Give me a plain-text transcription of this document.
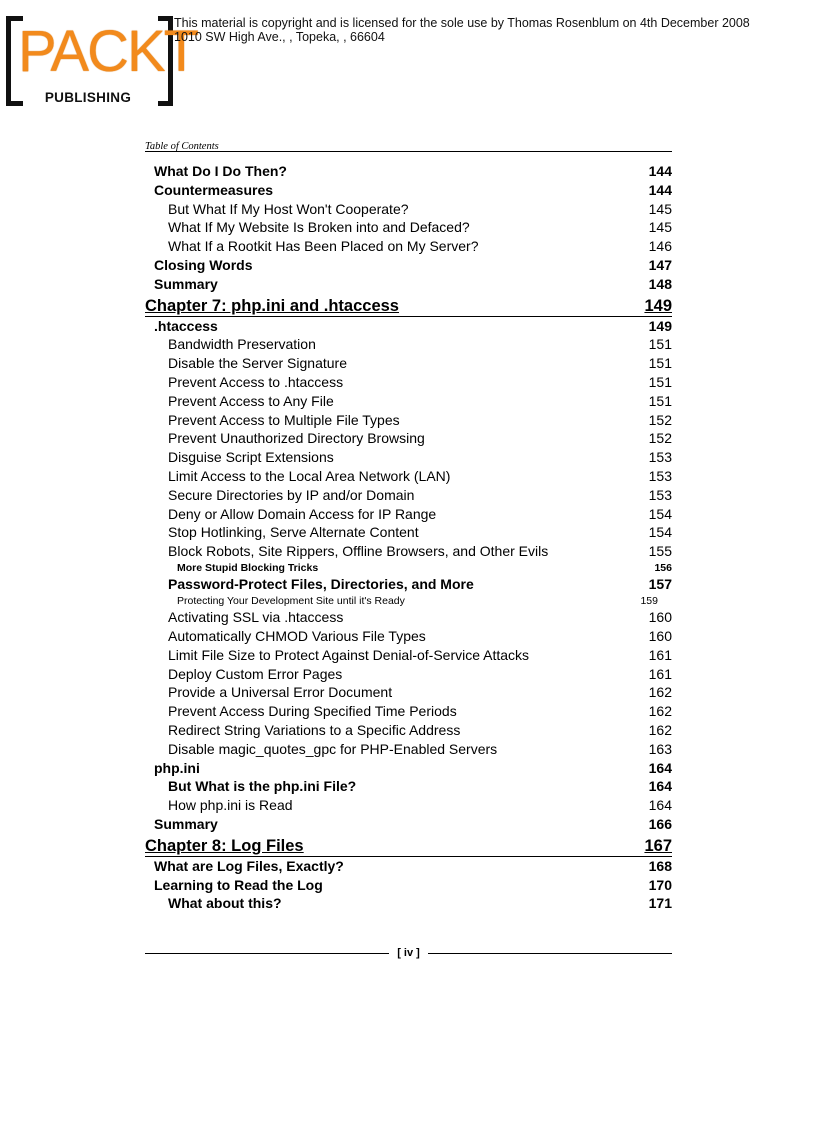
PACKT
PUBLISHING
This material is copyright and is licensed for the sole use by Thomas Rosenblum on 4th December 2008
1010 SW High Ave., , Topeka, , 66604
Table of Contents
What Do I Do Then?	144
Countermeasures	144
But What If My Host Won't Cooperate?	145
What If My Website Is Broken into and Defaced?	145
What If a Rootkit Has Been Placed on My Server?	146
Closing Words	147
Summary	148
Chapter 7: php.ini and .htaccess	149
.htaccess	149
Bandwidth Preservation	151
Disable the Server Signature	151
Prevent Access to .htaccess	151
Prevent Access to Any File	151
Prevent Access to Multiple File Types	152
Prevent Unauthorized Directory Browsing	152
Disguise Script Extensions	153
Limit Access to the Local Area Network (LAN)	153
Secure Directories by IP and/or Domain	153
Deny or Allow Domain Access for IP Range	154
Stop Hotlinking, Serve Alternate Content	154
Block Robots, Site Rippers, Offline Browsers, and Other Evils	155
More Stupid Blocking Tricks	156
Password-Protect Files, Directories, and More	157
Protecting Your Development Site until it's Ready	159
Activating SSL via .htaccess	160
Automatically CHMOD Various File Types	160
Limit File Size to Protect Against Denial-of-Service Attacks	161
Deploy Custom Error Pages	161
Provide a Universal Error Document	162
Prevent Access During Specified Time Periods	162
Redirect String Variations to a Specific Address	162
Disable magic_quotes_gpc for PHP-Enabled Servers	163
php.ini	164
But What is the php.ini File?	164
How php.ini is Read	164
Summary	166
Chapter 8: Log Files	167
What are Log Files, Exactly?	168
Learning to Read the Log	170
What about this?	171
[ iv ]
